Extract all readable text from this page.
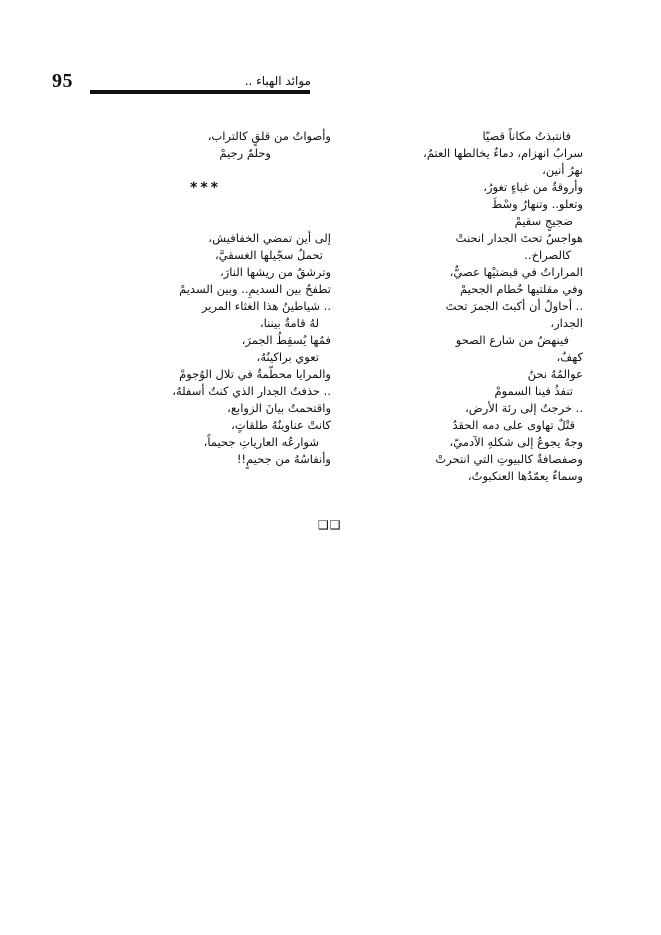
95	موائد الهباء ..
فانتبذتُ مكاناً قصيّا
سرابُ انهزام، دماءٌ يخالطها العتمُ،
نهرُ أنين،
وأروقةٌ من غباءٍ تغورُ،
وتعلو.. وتنهارُ وسْطَ
ضجيجٍ سقيمْ
هواجسُ تحتَ الجدار انحنتْ
كالصراخ..
المراراتُ في قبضتيْها عصيٌّ،
وفي مقلتيها حُطام الجحيمْ
.. أحاولُ أن أكبتَ الجمرَ تحتَ
الجدار،
فينهضُ من شارع الصحو
كهفٌ،
عوالمُهُ نحنُ
تنفذُ فينا السمومْ
.. خرجتُ إلى رئة الأرض،
قتْلٌ تهاوى على دمه الحقدُ
وجهٌ يجوعُ إلى شكلهِ الآدميّ،
وصفصافةٌ كالبيوتِ التي انتحرتْ
وسماءٌ يعمّدُها العنكبوتُ،
وأصواتُ من قلقٍ كالتراب،
وحلمٌ رجيمْ
***
إلى أين تمضي الخفافيش،
تحملُ سجّيلها الغسقيَّ،
وترشقُ من ريشها النارَ،
تطفحُ بين السديمِ.. وبين السديمْ
.. شياطينُ هذا الغثاء المرير
لهُ قامةٌ بيننا،
فمُها يُسقِطُ الجمرَ،
تعوي براكينُهُ،
والمرايا محطّمةٌ في تلال الوُجومْ
.. حذفتُ الجدار الذي كنتُ أسفلهُ،
واقتحمتُ بيانَ الزوابع،
كانتْ عناوينُهُ طلقاتٍ،
شوارعُه العارياتِ جحيماً،
وأنفاسُهُ من جحيمٍ!!
❑❑
